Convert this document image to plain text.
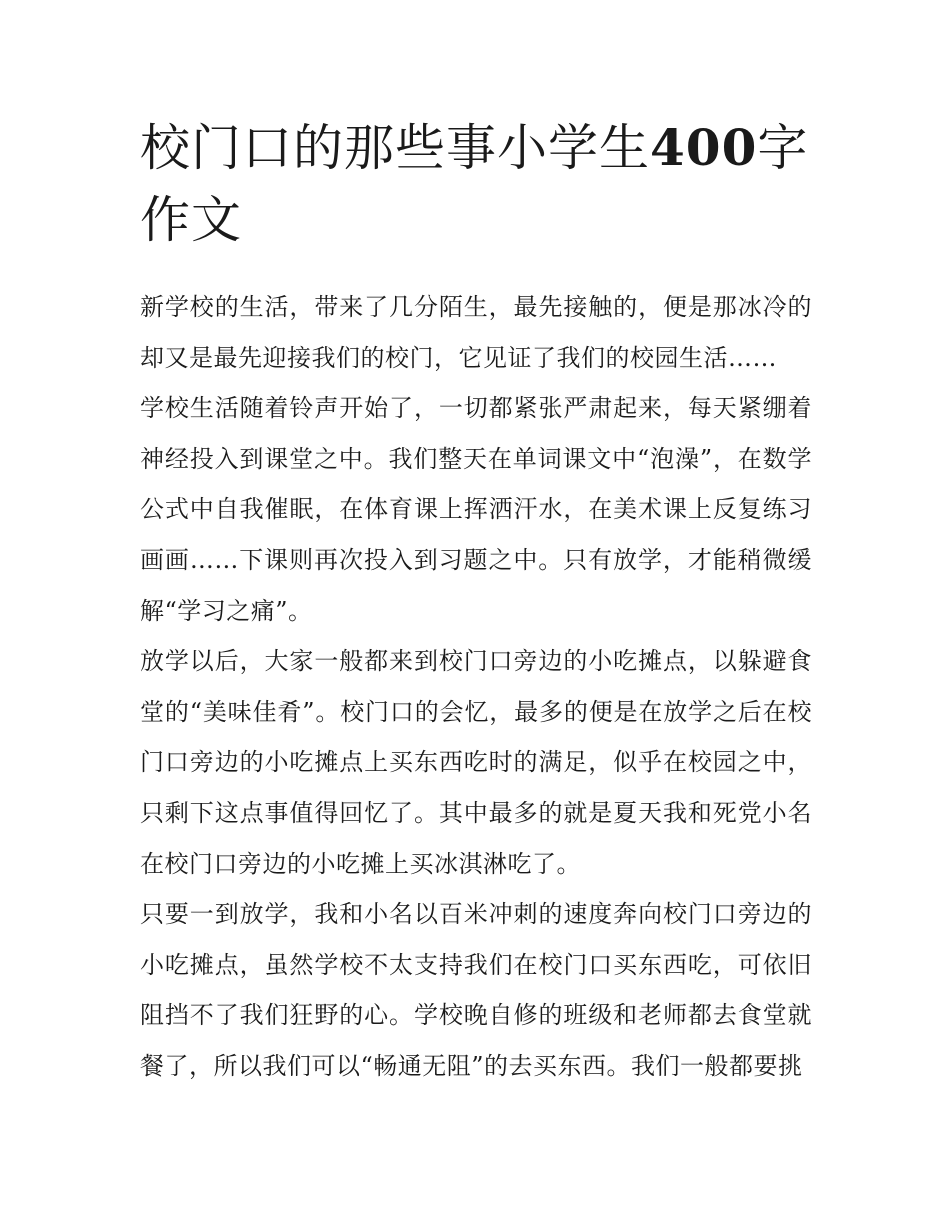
校门口的那些事小学生400字作文

新学校的生活，带来了几分陌生，最先接触的，便是那冰冷的却又是最先迎接我们的校门，它见证了我们的校园生活……

学校生活随着铃声开始了，一切都紧张严肃起来，每天紧绷着神经投入到课堂之中。我们整天在单词课文中“泡澡”，在数学公式中自我催眠，在体育课上挥洒汗水，在美术课上反复练习画画……下课则再次投入到习题之中。只有放学，才能稍微缓解“学习之痛”。

放学以后，大家一般都来到校门口旁边的小吃摊点，以躲避食堂的“美味佳肴”。校门口的会忆，最多的便是在放学之后在校门口旁边的小吃摊点上买东西吃时的满足，似乎在校园之中，只剩下这点事值得回忆了。其中最多的就是夏天我和死党小名在校门口旁边的小吃摊上买冰淇淋吃了。

只要一到放学，我和小名以百米冲刺的速度奔向校门口旁边的小吃摊点，虽然学校不太支持我们在校门口买东西吃，可依旧阻挡不了我们狂野的心。学校晚自修的班级和老师都去食堂就餐了，所以我们可以“畅通无阻”的去买东西。我们一般都要挑
